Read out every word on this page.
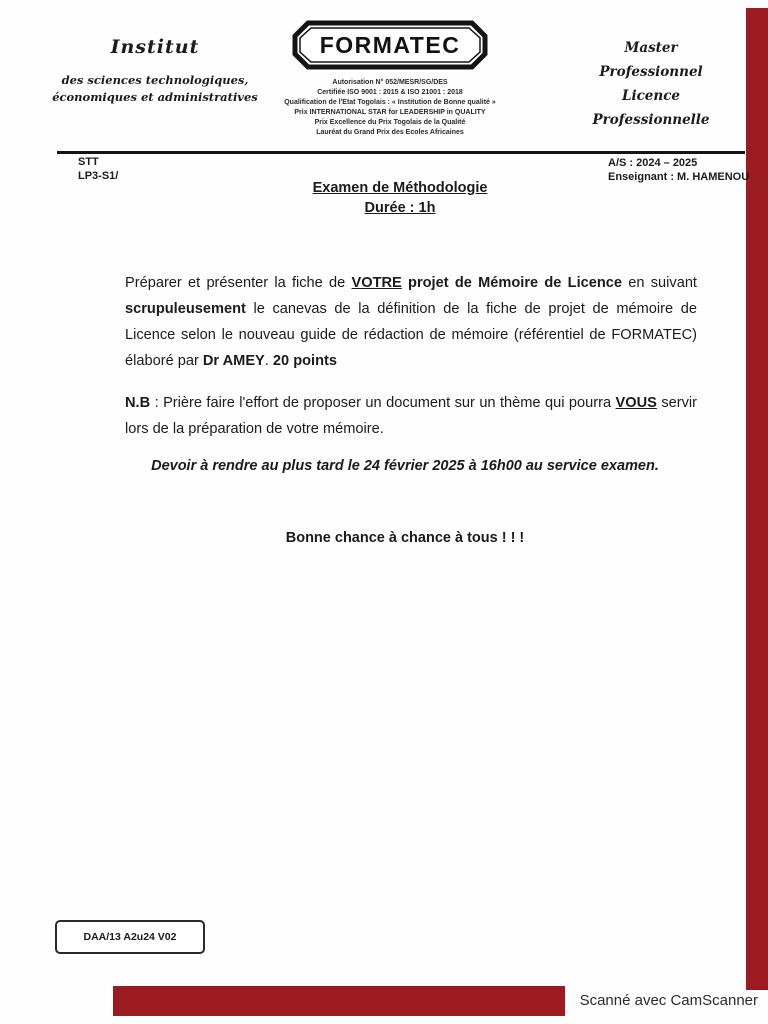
Scanné avec CamScanner
Institut
des sciences technologiques,
économiques et administratives
FORMATEC
Autorisation N° 052/MESR/SG/DES
Certifiée ISO 9001 : 2015 & ISO 21001 : 2018
Qualification de l'Etat Togolais : « Institution de Bonne qualité »
Prix INTERNATIONAL STAR for LEADERSHIP in QUALITY
Prix Excellence du Prix Togolais de la Qualité
Lauréat du Grand Prix des Ecoles Africaines
Master Professionnel
Licence Professionnelle
STT
LP3-S1/
A/S : 2024 – 2025
Enseignant : M. HAMENOU
Examen de Méthodologie
Durée : 1h

Préparer et présenter la fiche de VOTRE projet de Mémoire de Licence en suivant scrupuleusement le canevas de la définition de la fiche de projet de mémoire de Licence selon le nouveau guide de rédaction de mémoire (référentiel de FORMATEC) élaboré par Dr AMEY. 20 points

N.B : Prière faire l'effort de proposer un document sur un thème qui pourra VOUS servir lors de la préparation de votre mémoire.

Devoir à rendre au plus tard le 24 février 2025 à 16h00 au service examen.
Bonne chance à chance à tous ! ! !
DAA/13 A2u24 V02
